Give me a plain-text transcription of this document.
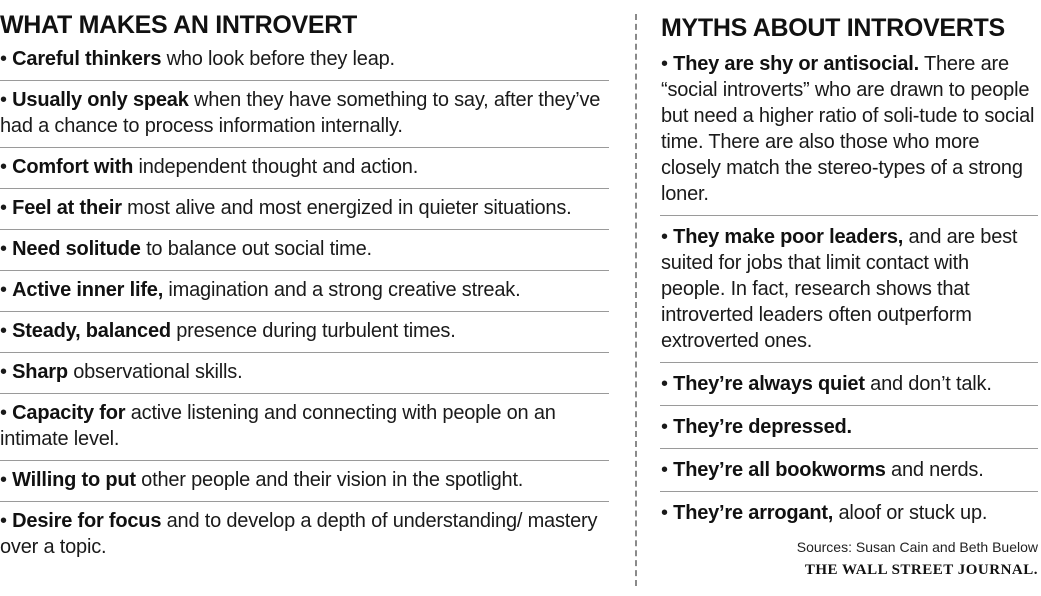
WHAT MAKES AN INTROVERT
• Careful thinkers who look before they leap.
• Usually only speak when they have something to say, after they’ve had a chance to process information internally.
• Comfort with independent thought and action.
• Feel at their most alive and most energized in quieter situations.
• Need solitude to balance out social time.
• Active inner life, imagination and a strong creative streak.
• Steady, balanced presence during turbulent times.
• Sharp observational skills.
• Capacity for active listening and connecting with people on an intimate level.
• Willing to put other people and their vision in the spotlight.
• Desire for focus and to develop a depth of understanding/ mastery over a topic.
MYTHS ABOUT INTROVERTS
• They are shy or antisocial. There are “social introverts” who are drawn to people but need a higher ratio of soli-tude to social time. There are also those who more closely match the stereo-types of a strong loner.
• They make poor leaders, and are best suited for jobs that limit contact with people. In fact, research shows that introverted leaders often outperform extroverted ones.
• They’re always quiet and don’t talk.
• They’re depressed.
• They’re all bookworms and nerds.
• They’re arrogant, aloof or stuck up.
Sources: Susan Cain and Beth Buelow
THE WALL STREET JOURNAL.
